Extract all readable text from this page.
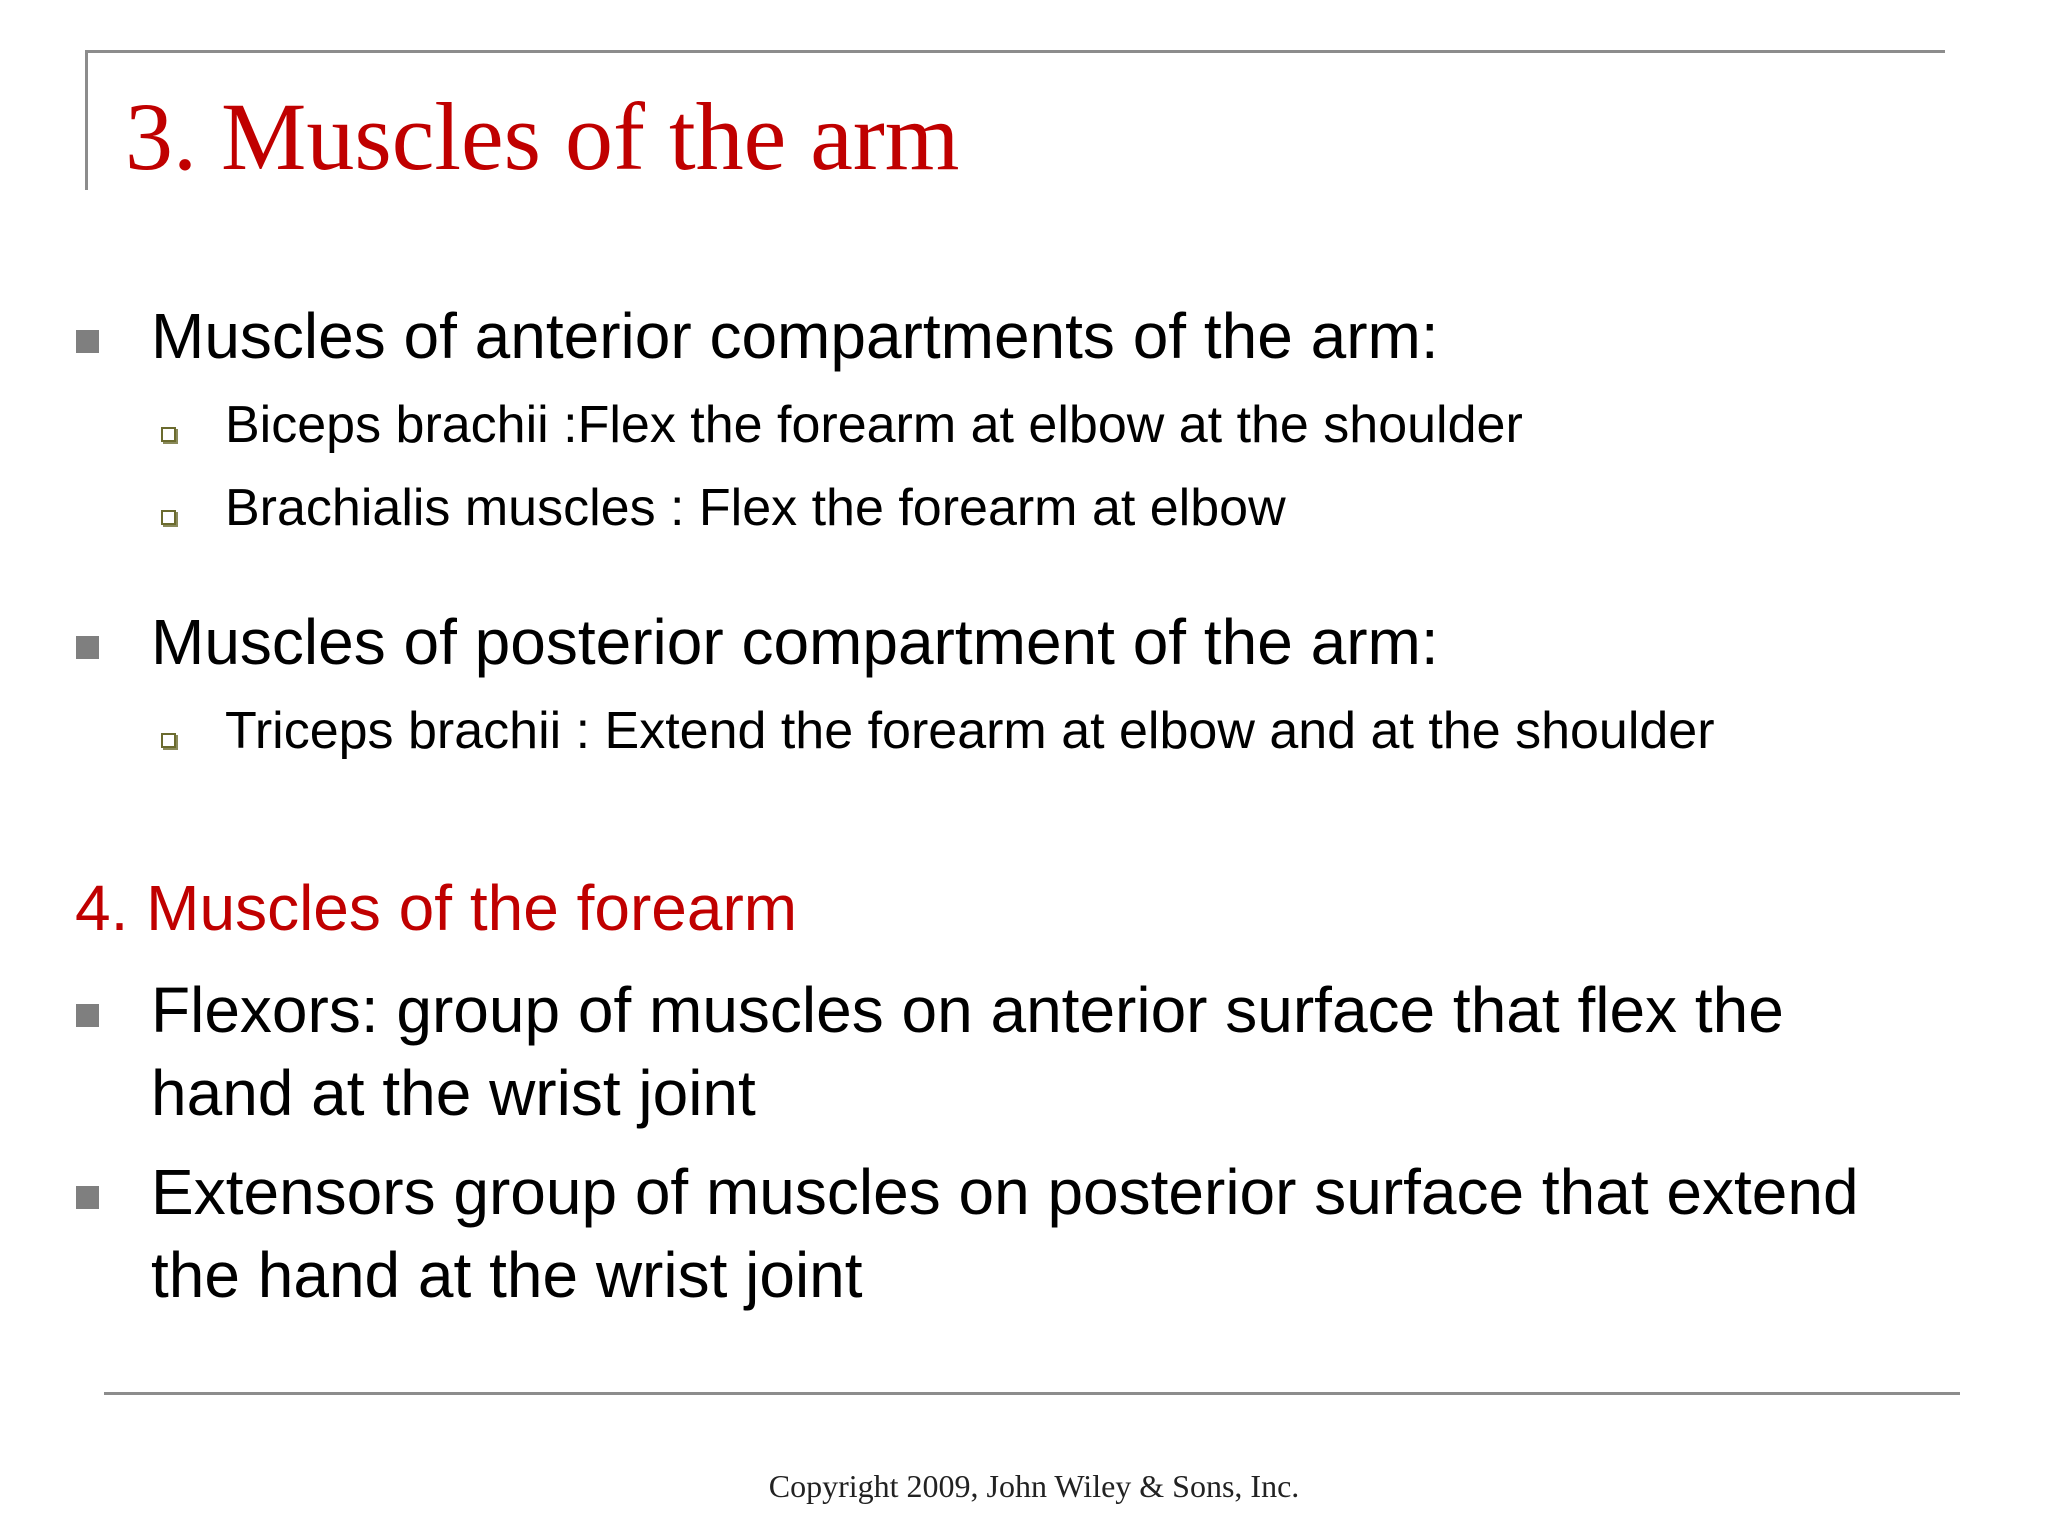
3. Muscles of the arm
Muscles of anterior compartments of the arm:
Biceps brachii :Flex the forearm at elbow at the shoulder
Brachialis muscles : Flex the forearm at elbow
Muscles of posterior compartment of the arm:
Triceps brachii : Extend the forearm at elbow and at the shoulder
4. Muscles of the forearm
Flexors: group of muscles on anterior surface that flex the
hand at the wrist joint
Extensors group of muscles on posterior surface that extend
the hand at the wrist joint
Copyright 2009, John Wiley & Sons, Inc.
